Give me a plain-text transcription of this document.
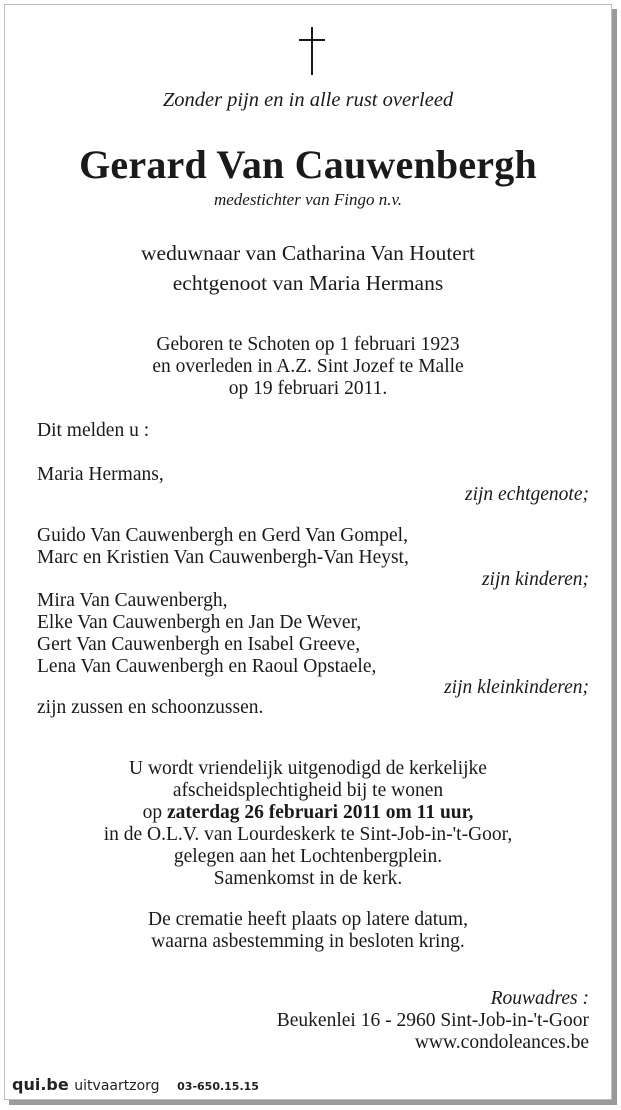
Zonder pijn en in alle rust overleed
Gerard Van Cauwenbergh
medestichter van Fingo n.v.
weduwnaar van Catharina Van Houtert
echtgenoot van Maria Hermans
Geboren te Schoten op 1 februari 1923
en overleden in A.Z. Sint Jozef te Malle
op 19 februari 2011.
Dit melden u :
Maria Hermans,
zijn echtgenote;
Guido Van Cauwenbergh en Gerd Van Gompel,
Marc en Kristien Van Cauwenbergh-Van Heyst,
zijn kinderen;
Mira Van Cauwenbergh,
Elke Van Cauwenbergh en Jan De Wever,
Gert Van Cauwenbergh en Isabel Greeve,
Lena Van Cauwenbergh en Raoul Opstaele,
zijn kleinkinderen;
zijn zussen en schoonzussen.
U wordt vriendelijk uitgenodigd de kerkelijke
afscheidsplechtigheid bij te wonen
op zaterdag 26 februari 2011 om 11 uur,
in de O.L.V. van Lourdeskerk te Sint-Job-in-'t-Goor,
gelegen aan het Lochtenbergplein.
Samenkomst in de kerk.
De crematie heeft plaats op latere datum,
waarna asbestemming in besloten kring.
Rouwadres :
Beukenlei 16 - 2960 Sint-Job-in-'t-Goor
www.condoleances.be
qui.be uitvaartzorg 03-650.15.15
